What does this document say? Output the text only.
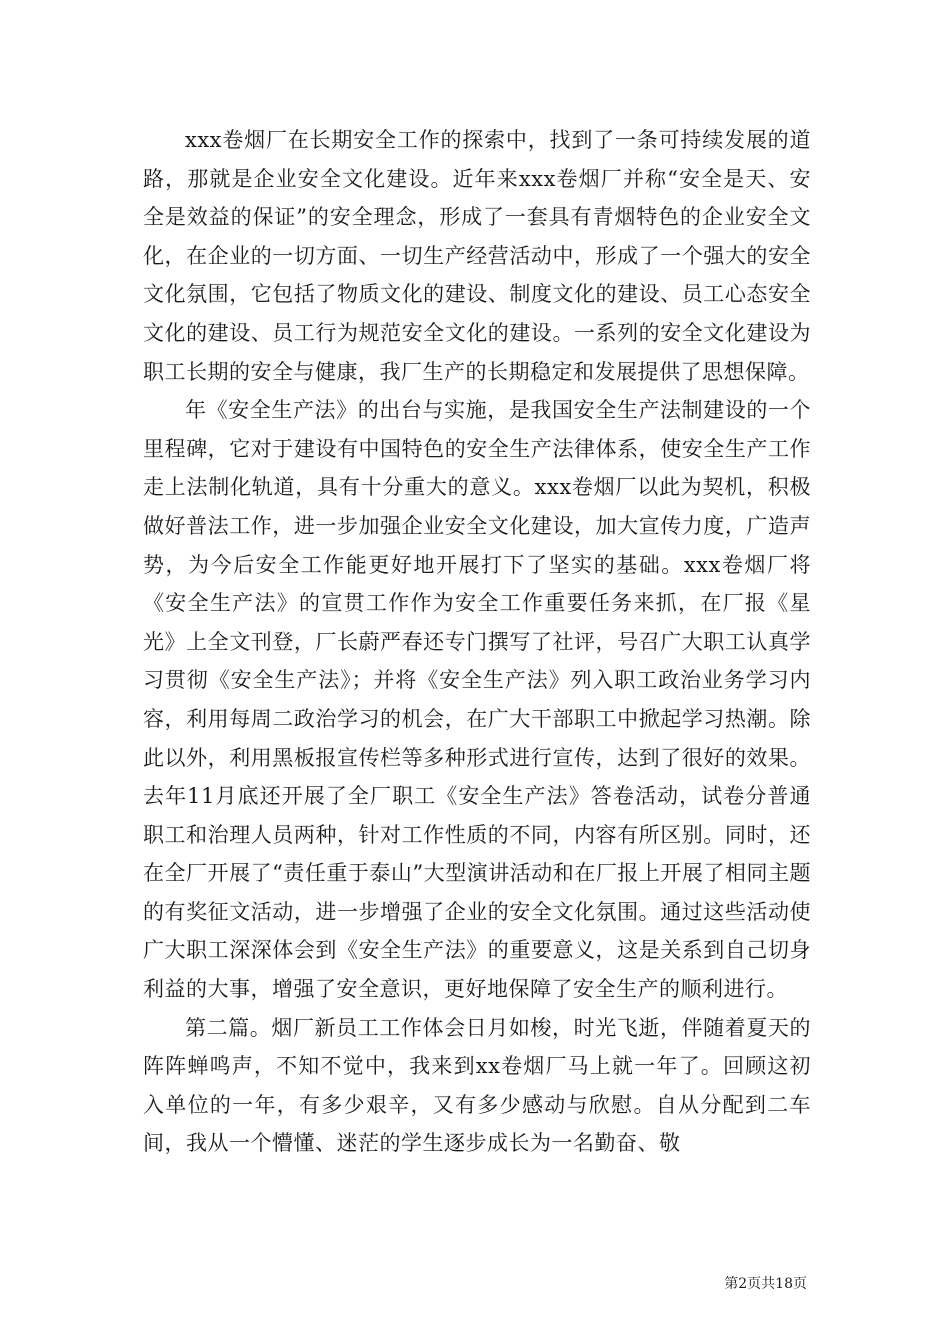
xxx卷烟厂在长期安全工作的探索中，找到了一条可持续发展的道路，那就是企业安全文化建设。近年来xxx卷烟厂并称“安全是天、安全是效益的保证”的安全理念，形成了一套具有青烟特色的企业安全文化，在企业的一切方面、一切生产经营活动中，形成了一个强大的安全文化氛围，它包括了物质文化的建设、制度文化的建设、员工心态安全文化的建设、员工行为规范安全文化的建设。一系列的安全文化建设为职工长期的安全与健康，我厂生产的长期稳定和发展提供了思想保障。

年《安全生产法》的出台与实施，是我国安全生产法制建设的一个里程碑，它对于建设有中国特色的安全生产法律体系，使安全生产工作走上法制化轨道，具有十分重大的意义。xxx卷烟厂以此为契机，积极做好普法工作，进一步加强企业安全文化建设，加大宣传力度，广造声势，为今后安全工作能更好地开展打下了坚实的基础。xxx卷烟厂将《安全生产法》的宣贯工作作为安全工作重要任务来抓，在厂报《星光》上全文刊登，厂长蔚严春还专门撰写了社评，号召广大职工认真学习贯彻《安全生产法》；并将《安全生产法》列入职工政治业务学习内容，利用每周二政治学习的机会，在广大干部职工中掀起学习热潮。除此以外，利用黑板报宣传栏等多种形式进行宣传，达到了很好的效果。去年11月底还开展了全厂职工《安全生产法》答卷活动，试卷分普通职工和治理人员两种，针对工作性质的不同，内容有所区别。同时，还在全厂开展了“责任重于泰山”大型演讲活动和在厂报上开展了相同主题的有奖征文活动，进一步增强了企业的安全文化氛围。通过这些活动使广大职工深深体会到《安全生产法》的重要意义，这是关系到自己切身利益的大事，增强了安全意识，更好地保障了安全生产的顺利进行。

第二篇。烟厂新员工工作体会日月如梭，时光飞逝，伴随着夏天的阵阵蝉鸣声，不知不觉中，我来到xx卷烟厂马上就一年了。回顾这初入单位的一年，有多少艰辛，又有多少感动与欣慰。自从分配到二车间，我从一个懵懂、迷茫的学生逐步成长为一名勤奋、敬

第2页共18页
